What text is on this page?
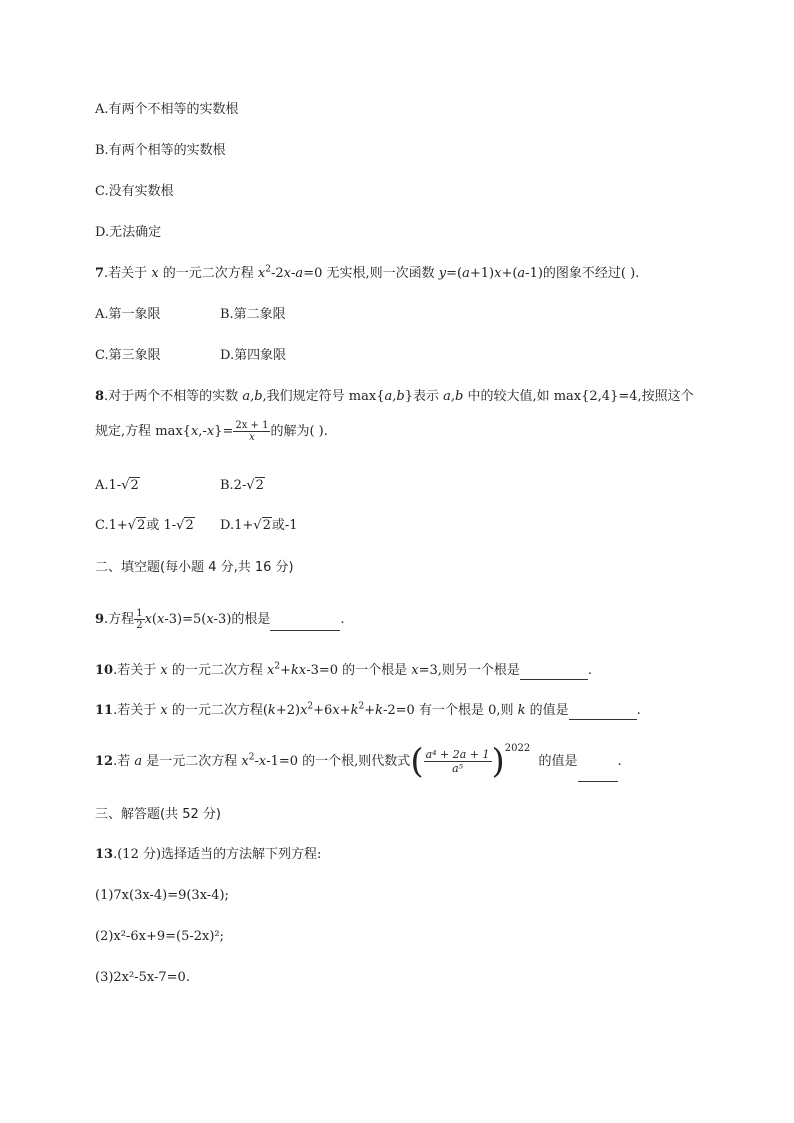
A.有两个不相等的实数根
B.有两个相等的实数根
C.没有实数根
D.无法确定
7.若关于 x 的一元二次方程 $x^2-2x-a=0$ 无实根,则一次函数 y=(a+1)x+(a-1)的图象不经过( ).
A.第一象限	B.第二象限
C.第三象限	D.第四象限
8.对于两个不相等的实数 a,b,我们规定符号 max{a,b}表示 a,b 中的较大值,如 max{2,4}=4,按照这个
规定,方程 $\max\{x,-x\}= \frac{2x + 1}{x}$ 的解为( ).
A.1-√2	B.2-√2
C.1+√2或 1-√2 D.1+√2或-1
二、填空题(每小题 4 分,共 16 分)
9.方程 $\frac{1}{2} x(x-3)=5(x-3)$的根是	.
10.若关于 x 的一元二次方程 $x^2+kx-3=0$ 的一个根是 x=3,则另一个根是	.
11.若关于 x 的一元二次方程$(k+2)x^2+6x+k^2+k-2=0$ 有一个根是 0,则 k 的值是	.
12.若 a 是一元二次方程 $x^2-x-1=0$ 的一个根,则代数式( $\frac{\text{a⁴ + 2a + 1}}{\text{a⁵}} )^{2022}$  的值是	.
三、解答题(共 52 分)
13.(12 分)选择适当的方法解下列方程:
(1)7x(3x-4)=9(3x-4);
(2)x²-6x+9=(5-2x)²;
(3)2x²-5x-7=0.
